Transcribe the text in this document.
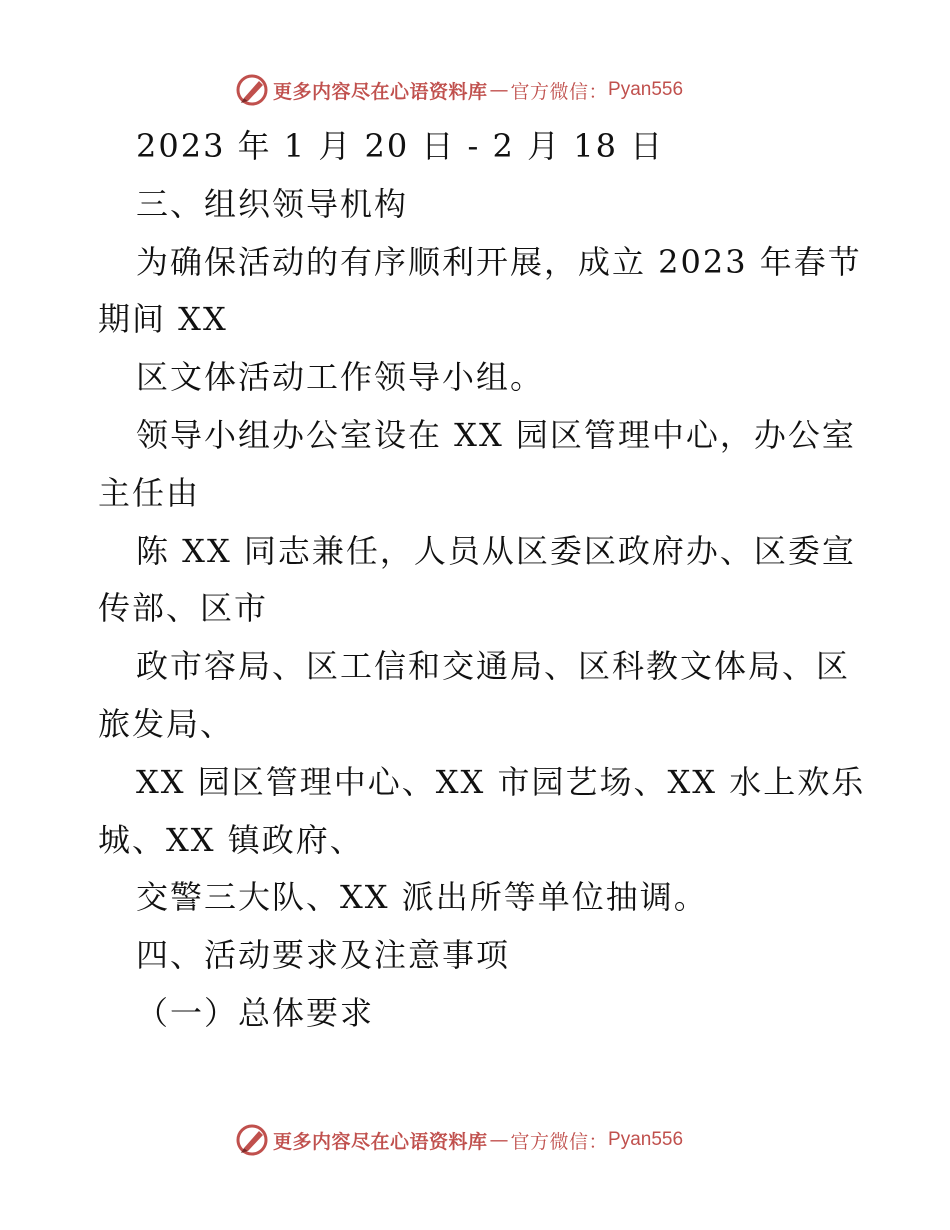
更多内容尽在心语资料库 — 官方微信： Pyan556
2023 年 1 月 20 日 - 2 月 18 日
三、组织领导机构
为确保活动的有序顺利开展，成立 2023 年春节
期间 XX
区文体活动工作领导小组。
领导小组办公室设在 XX 园区管理中心，办公室
主任由
陈 XX 同志兼任，人员从区委区政府办、区委宣
传部、区市
政市容局、区工信和交通局、区科教文体局、区
旅发局、
XX 园区管理中心、XX 市园艺场、XX 水上欢乐
城、XX 镇政府、
交警三大队、XX 派出所等单位抽调。
四、活动要求及注意事项
（一）总体要求
更多内容尽在心语资料库 — 官方微信： Pyan556
